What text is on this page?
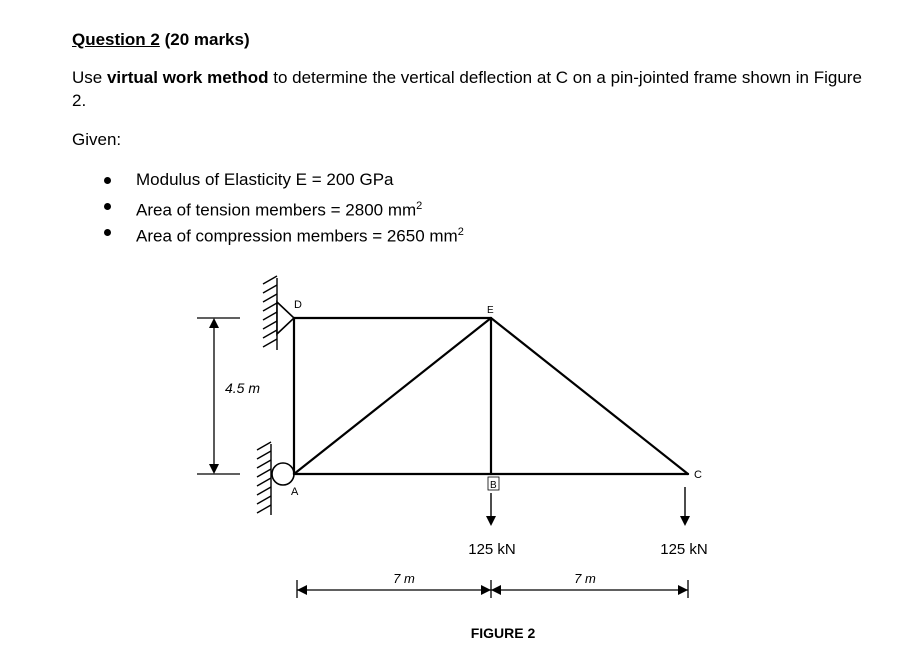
Question 2 (20 marks)

Use virtual work method to determine the vertical deflection at C on a pin-jointed frame shown in Figure 2.

Given:

Modulus of Elasticity E = 200 GPa
Area of tension members = 2800 $mm^2$
Area of compression members = 2650 $mm^2$
D	E
A
B
C
4.5 m
125 kN	125 kN
7 m	7 m
FIGURE 2
